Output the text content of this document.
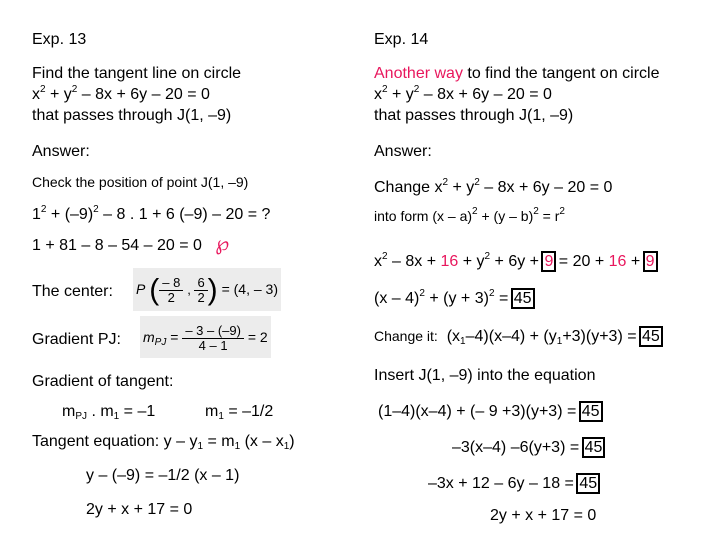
Exp. 13
Find the tangent line on circle
$x^2 + y^2 - 8x + 6y - 20 = 0$
that passes through J(1, –9)
Answer:
Check the position of point J(1, –9)
$1^2 + (-9)^2 - 8$ . 1 + 6 (–9) – 20 = ?
1 + 81 – 8 – 54 – 20 = 0 ℘
The center: P ( $\frac{- 8}{2}$ , $\frac{6}{2}$ ) = (4, – 3)
Gradient PJ: $m_{PJ} = \frac{- 3 - (-9)}{4 - 1} = 2$
Gradient of tangent:
$m_{PJ}$ . $m_1 = -1$	$m_1 = -1/2$
Tangent equation: $y - y_1 = m_1$ $(x - x_1)$
y – (–9) = –1/2 (x – 1)
2y + x + 17 = 0
Exp. 14
Another way to find the tangent on circle
$x^2 + y^2 - 8x + 6y - 20 = 0$
that passes through J(1, –9)
Answer:
Change $x^2 + y^2 - 8x + 6y - 20 = 0$
into form $(x - a)^2 + (y - b)^2 = r^2$
$x^2 - 8x + 16 + y^2 + 6y + 9 = 20 + 16 + 9$
$(x - 4)^2 + (y + 3)^2 = 45$
Change it: $(x_1-4)(x-4) + (y_1+3)(y+3) = 45$
Insert J(1, –9) into the equation
(1–4)(x–4) + (– 9 +3)(y+3) = 45
–3(x–4) –6(y+3) = 45
–3x + 12 – 6y – 18 = 45
2y + x + 17 = 0
